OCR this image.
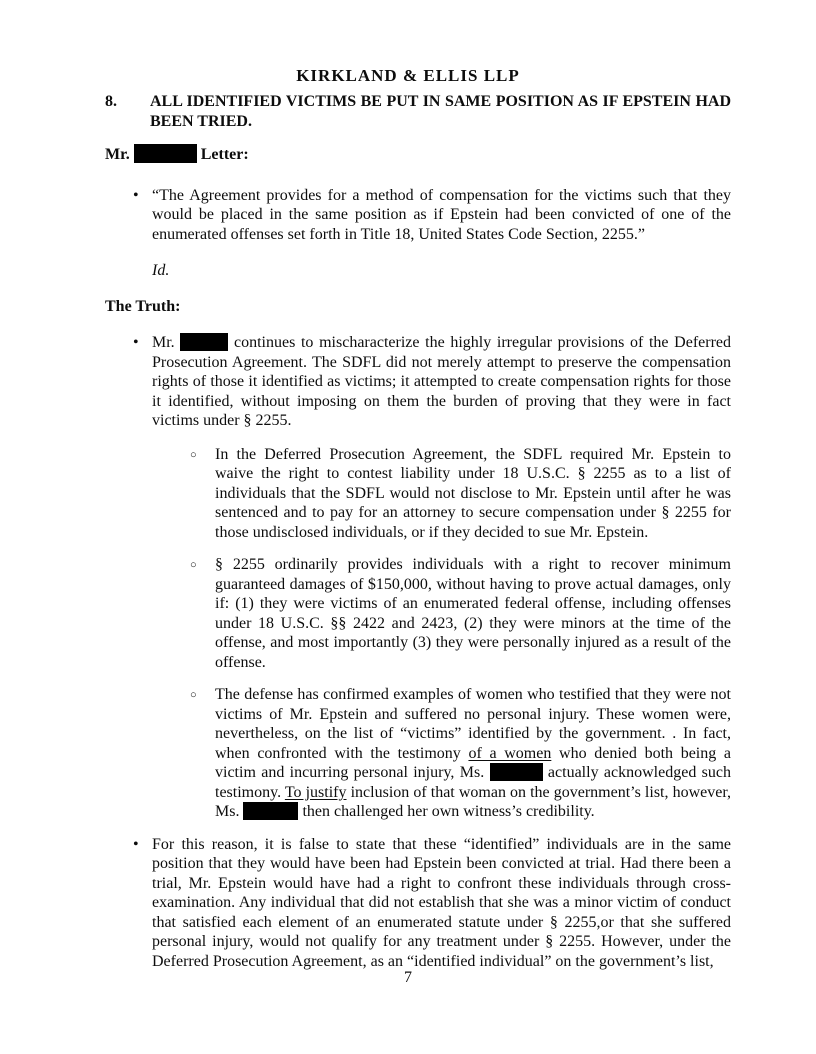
KIRKLAND & ELLIS LLP
8.	ALL IDENTIFIED VICTIMS BE PUT IN SAME POSITION AS IF EPSTEIN HAD BEEN TRIED.

Mr.	Letter:

• “The Agreement provides for a method of compensation for the victims such that they would be placed in the same position as if Epstein had been convicted of one of the enumerated offenses set forth in Title 18, United States Code Section, 2255.”

Id.

The Truth:

• Mr.	continues to mischaracterize the highly irregular provisions of the Deferred Prosecution Agreement. The SDFL did not merely attempt to preserve the compensation rights of those it identified as victims; it attempted to create compensation rights for those it identified, without imposing on them the burden of proving that they were in fact victims under § 2255.

○ In the Deferred Prosecution Agreement, the SDFL required Mr. Epstein to waive the right to contest liability under 18 U.S.C. § 2255 as to a list of individuals that the SDFL would not disclose to Mr. Epstein until after he was sentenced and to pay for an attorney to secure compensation under § 2255 for those undisclosed individuals, or if they decided to sue Mr. Epstein.

○ § 2255 ordinarily provides individuals with a right to recover minimum guaranteed damages of $150,000, without having to prove actual damages, only if: (1) they were victims of an enumerated federal offense, including offenses under 18 U.S.C. §§ 2422 and 2423, (2) they were minors at the time of the offense, and most importantly (3) they were personally injured as a result of the offense.

○ The defense has confirmed examples of women who testified that they were not victims of Mr. Epstein and suffered no personal injury. These women were, nevertheless, on the list of “victims” identified by the government. . In fact, when confronted with the testimony of a women who denied both being a victim and incurring personal injury, Ms.	actually acknowledged such testimony. To justify inclusion of that woman on the government’s list, however, Ms.	then challenged her own witness’s credibility.

• For this reason, it is false to state that these “identified” individuals are in the same position that they would have been had Epstein been convicted at trial. Had there been a trial, Mr. Epstein would have had a right to confront these individuals through cross-examination. Any individual that did not establish that she was a minor victim of conduct that satisfied each element of an enumerated statute under § 2255,or that she suffered personal injury, would not qualify for any treatment under § 2255. However, under the Deferred Prosecution Agreement, as an “identified individual” on the government’s list,

7
